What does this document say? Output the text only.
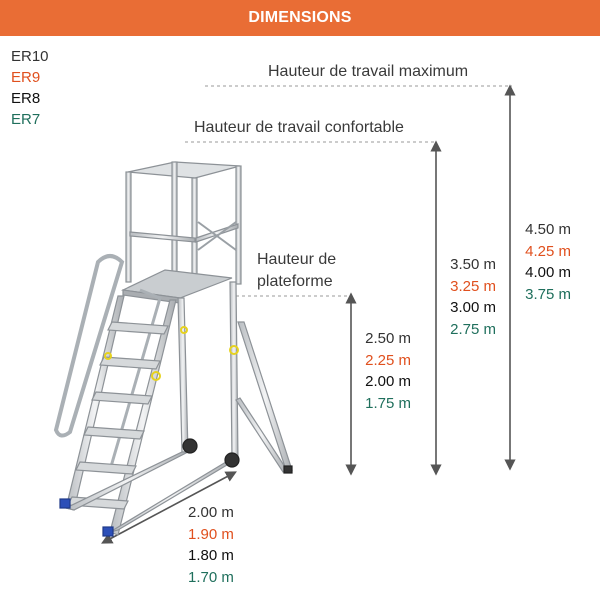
DIMENSIONS
ER10
ER9
ER8
ER7
Hauteur de travail maximum
Hauteur de travail confortable
Hauteur de
plateforme
4.50 m
4.25 m
4.00 m
3.75 m
3.50 m
3.25 m
3.00 m
2.75 m
2.50 m
2.25 m
2.00 m
1.75 m
2.00 m
1.90 m
1.80 m
1.70 m
